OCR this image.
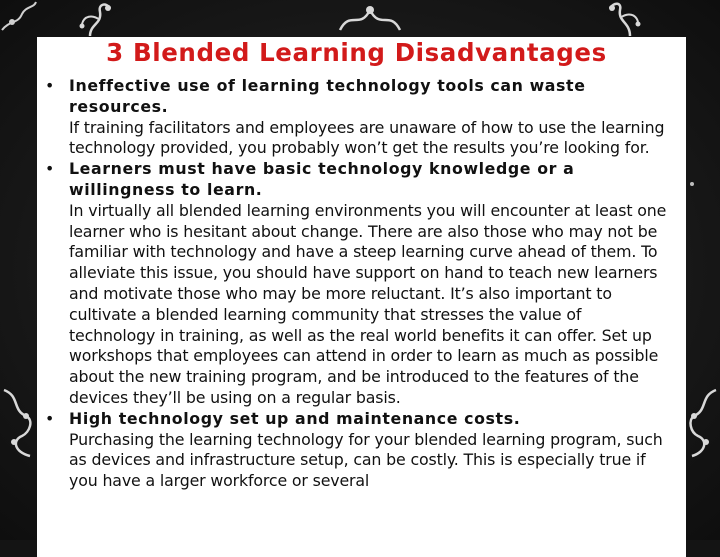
3 Blended Learning Disadvantages
• Ineffective use of learning technology tools can waste resources.
If training facilitators and employees are unaware of how to use the learning technology provided, you probably won’t get the results you’re looking for.
• Learners must have basic technology knowledge or a willingness to learn.
In virtually all blended learning environments you will encounter at least one learner who is hesitant about change. There are also those who may not be familiar with technology and have a steep learning curve ahead of them. To alleviate this issue, you should have support on hand to teach new learners and motivate those who may be more reluctant. It’s also important to cultivate a blended learning community that stresses the value of technology in training, as well as the real world benefits it can offer. Set up workshops that employees can attend in order to learn as much as possible about the new training program, and be introduced to the features of the devices they’ll be using on a regular basis.
• High technology set up and maintenance costs.
Purchasing the learning technology for your blended learning program, such as devices and infrastructure setup, can be costly. This is especially true if you have a larger workforce or several
